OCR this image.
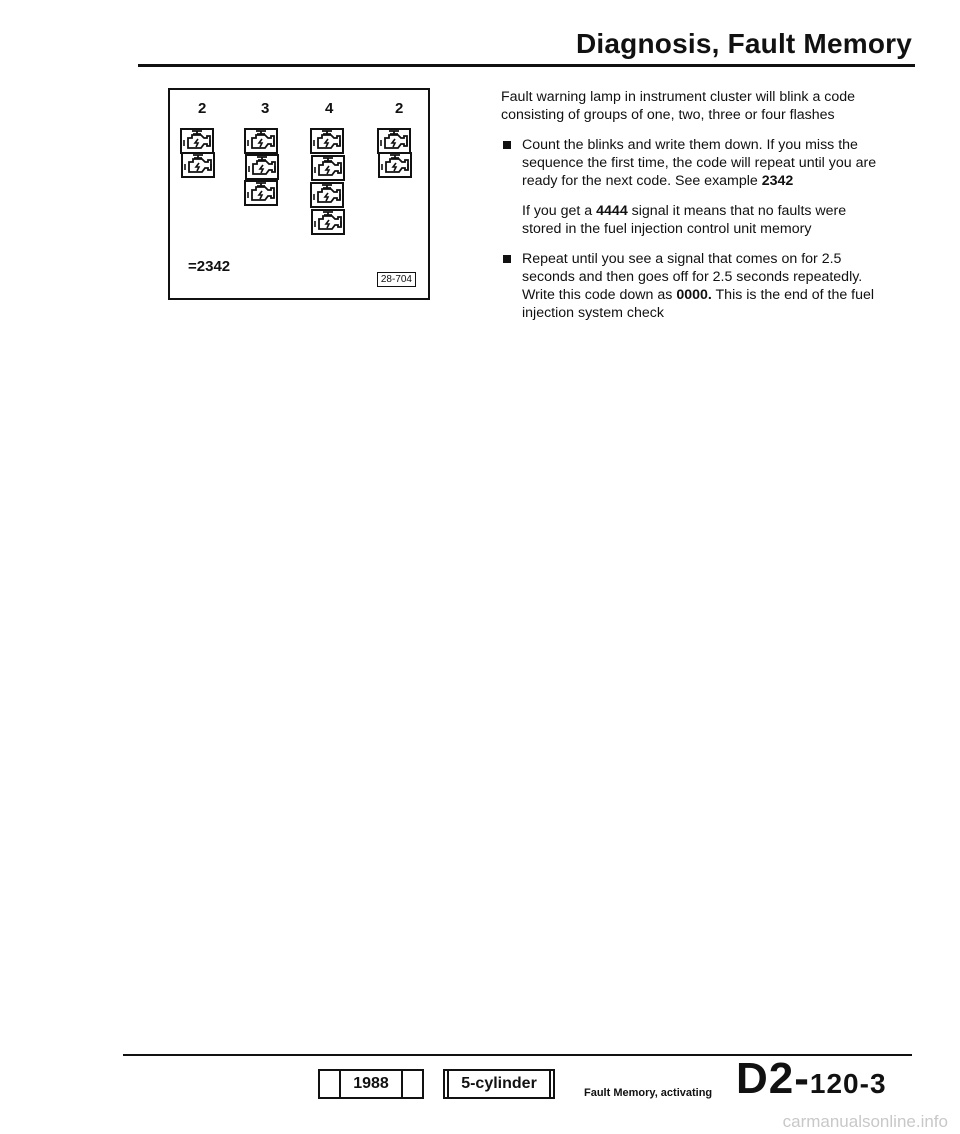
Diagnosis, Fault Memory
2	3	4	2
=2342
28-704

Fault warning lamp in instrument cluster will blink a code consisting of groups of one, two, three or four flashes

Count the blinks and write them down. If you miss the sequence the first time, the code will repeat until you are ready for the next code. See example 2342
If you get a 4444 signal it means that no faults were stored in the fuel injection control unit memory
Repeat until you see a signal that comes on for 2.5 seconds and then goes off for 2.5 seconds repeatedly. Write this code down as 0000. This is the end of the fuel injection system check
1988	5-cylinder
Fault Memory, activating D2-120-3
carmanualsonline.info
